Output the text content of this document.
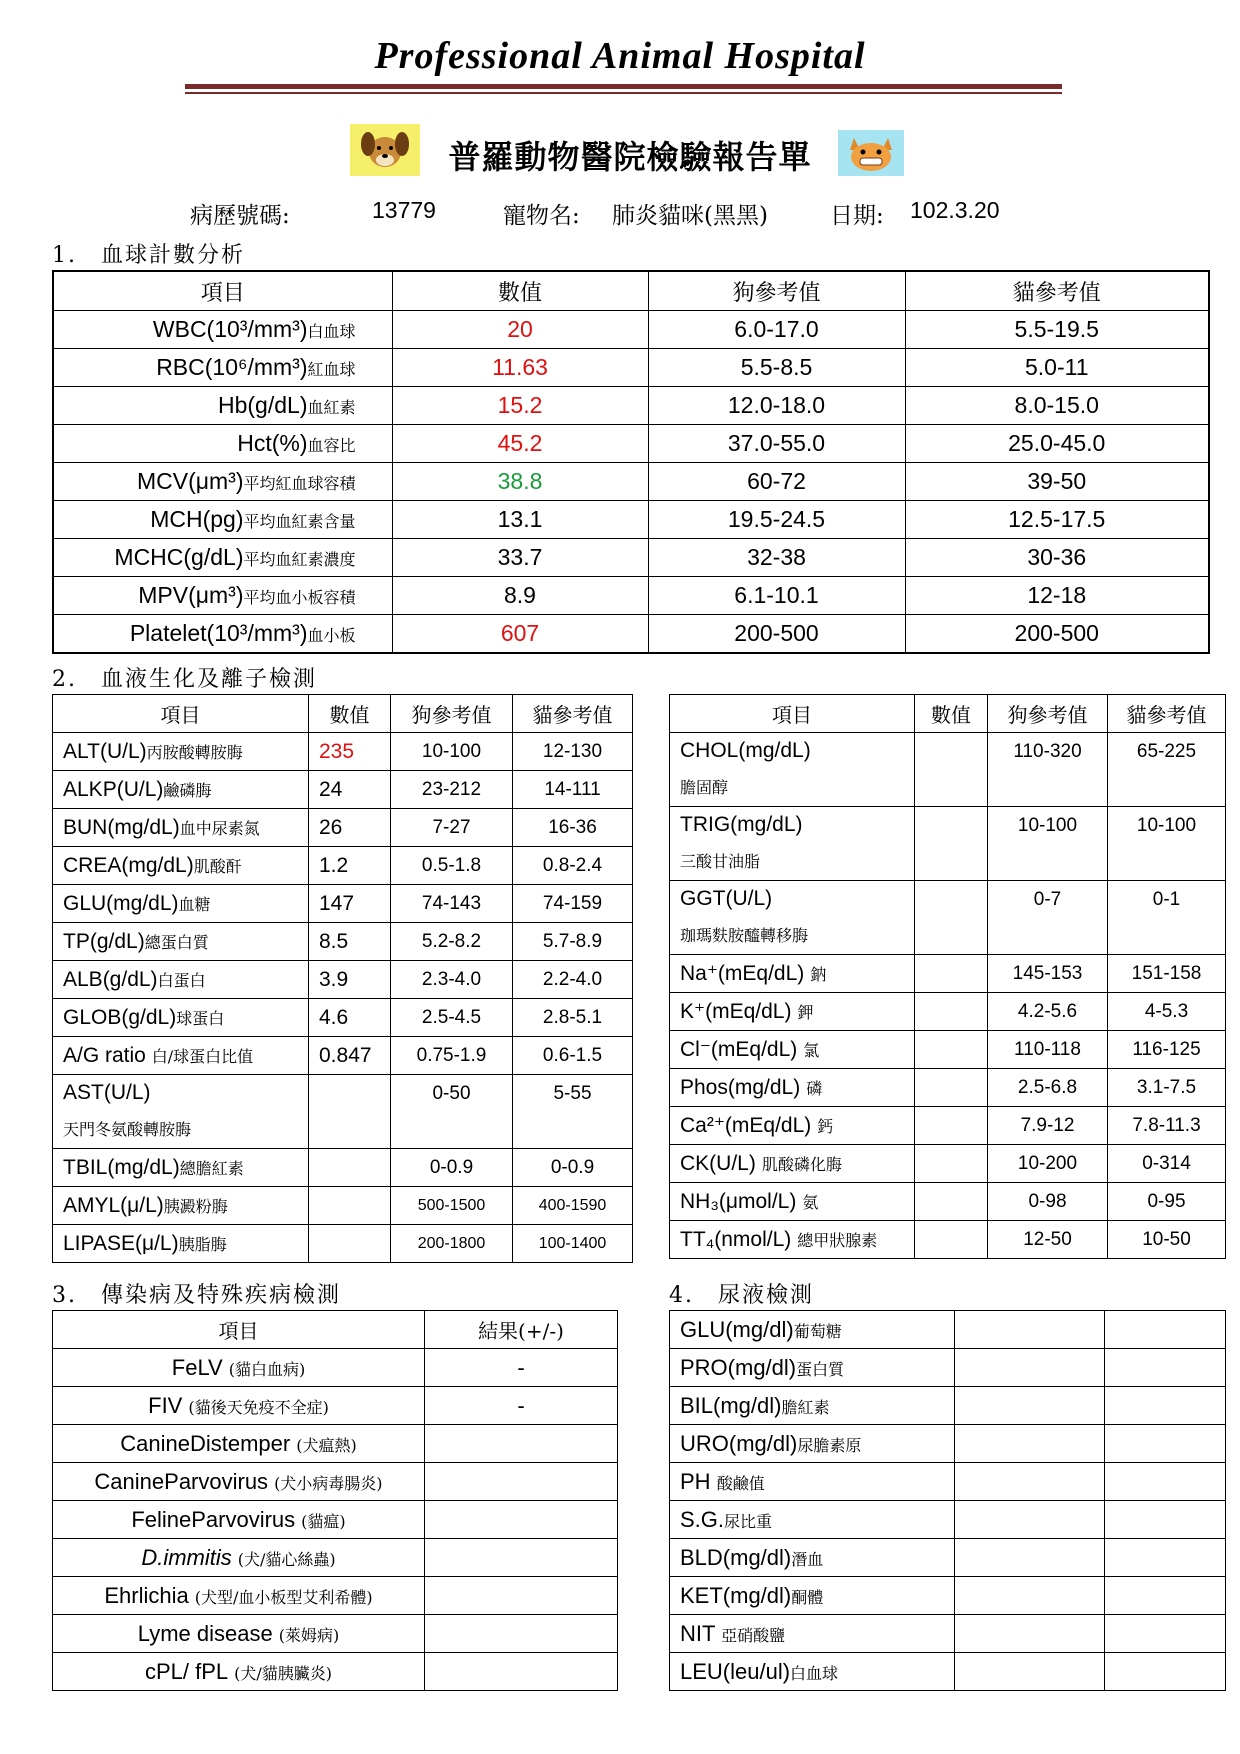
Professional Animal Hospital
普羅動物醫院檢驗報告單
病歷號碼:	13779	寵物名: 肺炎貓咪(黑黑)	日期: 102.3.20
1.　血球計數分析
項目	數值	狗參考值	貓參考值
WBC(10³/mm³)白血球	20	6.0-17.0	5.5-19.5
RBC(10⁶/mm³)紅血球	11.63	5.5-8.5	5.0-11
Hb(g/dL)血紅素	15.2	12.0-18.0	8.0-15.0
Hct(%)血容比	45.2	37.0-55.0	25.0-45.0
MCV(μm³)平均紅血球容積	38.8	60-72	39-50
MCH(pg)平均血紅素含量	13.1	19.5-24.5	12.5-17.5
MCHC(g/dL)平均血紅素濃度	33.7	32-38	30-36
MPV(μm³)平均血小板容積	8.9	6.1-10.1	12-18
Platelet(10³/mm³)血小板	607	200-500	200-500
2.　血液生化及離子檢測
項目	數值	狗參考值	貓參考值
ALT(U/L)丙胺酸轉胺脢	235	10-100	12-130
ALKP(U/L)鹼磷脢	24	23-212	14-111
BUN(mg/dL)血中尿素氮	26	7-27	16-36
CREA(mg/dL)肌酸酐	1.2	0.5-1.8	0.8-2.4
GLU(mg/dL)血糖	147	74-143	74-159
TP(g/dL)總蛋白質	8.5	5.2-8.2	5.7-8.9
ALB(g/dL)白蛋白	3.9	2.3-4.0	2.2-4.0
GLOB(g/dL)球蛋白	4.6	2.5-4.5	2.8-5.1
A/G ratio 白/球蛋白比值	0.847	0.75-1.9	0.6-1.5
AST(U/L)
天門冬氨酸轉胺脢		0-50	5-55
TBIL(mg/dL)總膽紅素		0-0.9	0-0.9
AMYL(μ/L)胰澱粉脢		500-1500	400-1590
LIPASE(μ/L)胰脂脢		200-1800	100-1400
項目	數值	狗參考值	貓參考值
CHOL(mg/dL)
膽固醇		110-320	65-225
TRIG(mg/dL)
三酸甘油脂		10-100	10-100
GGT(U/L)
珈瑪麩胺醯轉移脢		0-7	0-1
Na⁺(mEq/dL) 鈉		145-153	151-158
K⁺(mEq/dL) 鉀		4.2-5.6	4-5.3
Cl⁻(mEq/dL) 氯		110-118	116-125
Phos(mg/dL) 磷		2.5-6.8	3.1-7.5
Ca²⁺(mEq/dL) 鈣		7.9-12	7.8-11.3
CK(U/L) 肌酸磷化脢		10-200	0-314
NH₃(μmol/L) 氨		0-98	0-95
TT₄(nmol/L) 總甲狀腺素		12-50	10-50
3.　傳染病及特殊疾病檢測	4.　尿液檢測
項目	結果(+/-)
FeLV (貓白血病)	-
FIV (貓後天免疫不全症)	-
CanineDistemper (犬瘟熱)	
CanineParvovirus (犬小病毒腸炎)	
FelineParvovirus (貓瘟)	
D.immitis (犬/貓心絲蟲)	
Ehrlichia (犬型/血小板型艾利希體)	
Lyme disease (萊姆病)	
cPL/ fPL (犬/貓胰臟炎)	
GLU(mg/dl)葡萄糖		
PRO(mg/dl)蛋白質		
BIL(mg/dl)膽紅素		
URO(mg/dl)尿膽素原		
PH 酸鹼值		
S.G.尿比重		
BLD(mg/dl)潛血		
KET(mg/dl)酮體		
NIT 亞硝酸鹽		
LEU(leu/ul)白血球		
